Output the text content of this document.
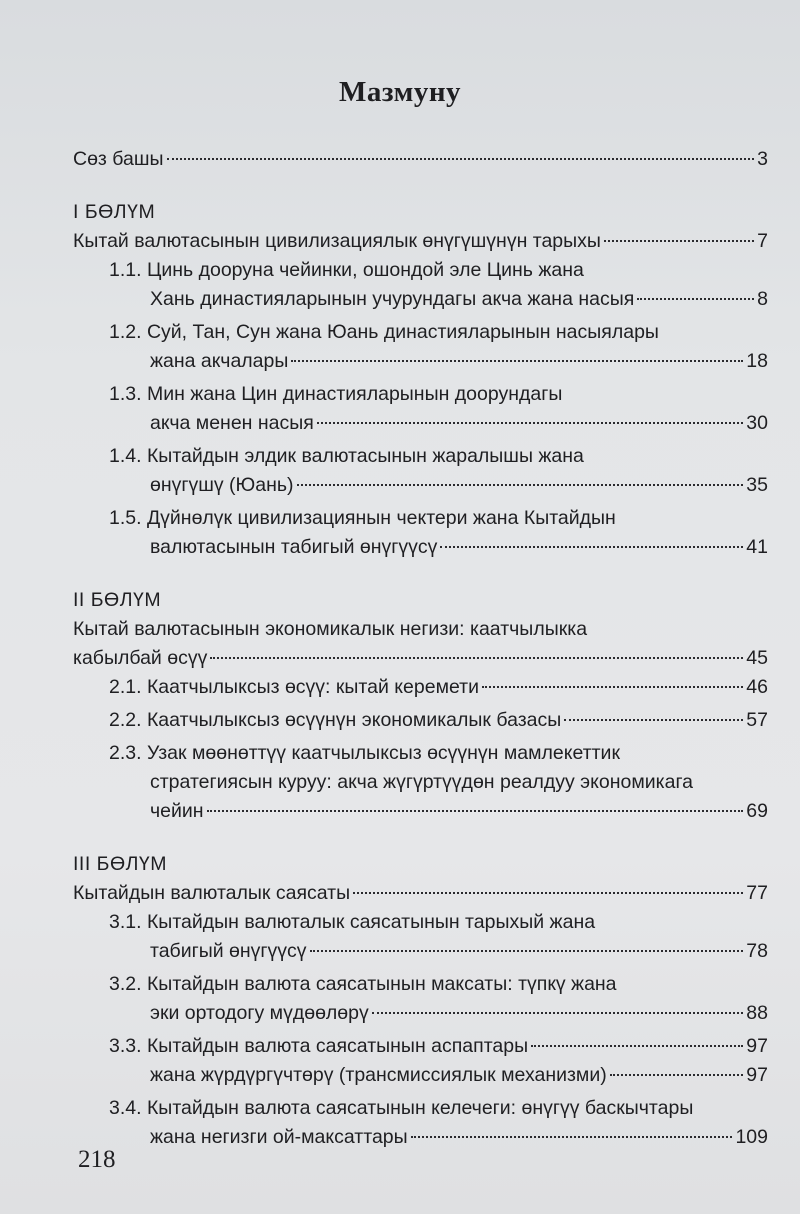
Мазмуну
Сөз башы	3
I БӨЛҮМ
Кытай валютасынын цивилизациялык өнүгүшүнүн тарыхы	7
1.1. Цинь дооруна чейинки, ошондой эле Цинь жана
Хань династияларынын учурундагы акча жана насыя	8
1.2. Суй, Тан, Сун жана Юань династияларынын насыялары
жана акчалары	18
1.3. Мин жана Цин династияларынын доорундагы
акча менен насыя	30
1.4. Кытайдын элдик валютасынын жаралышы жана
өнүгүшү (Юань)	35
1.5. Дүйнөлүк цивилизациянын чектери жана Кытайдын
валютасынын табигый өнүгүүсү	41
II БӨЛҮМ
Кытай валютасынын экономикалык негизи: каатчылыкка
кабылбай өсүү	45
2.1. Каатчылыксыз өсүү: кытай керемети	46
2.2. Каатчылыксыз өсүүнүн экономикалык базасы	57
2.3. Узак мөөнөттүү каатчылыксыз өсүүнүн мамлекеттик
стратегиясын куруу: акча жүгүртүүдөн реалдуу экономикага
чейин	69
III БӨЛҮМ
Кытайдын валюталык саясаты	77
3.1. Кытайдын валюталык саясатынын тарыхый жана
табигый өнүгүүсү	78
3.2. Кытайдын валюта саясатынын максаты: түпкү жана
эки ортодогу мүдөөлөрү	88
3.3. Кытайдын валюта саясатынын аспаптары	97
жана жүрдүргүчтөрү (трансмиссиялык механизми)	97
3.4. Кытайдын валюта саясатынын келечеги: өнүгүү баскычтары
жана негизги ой-максаттары	109
218
